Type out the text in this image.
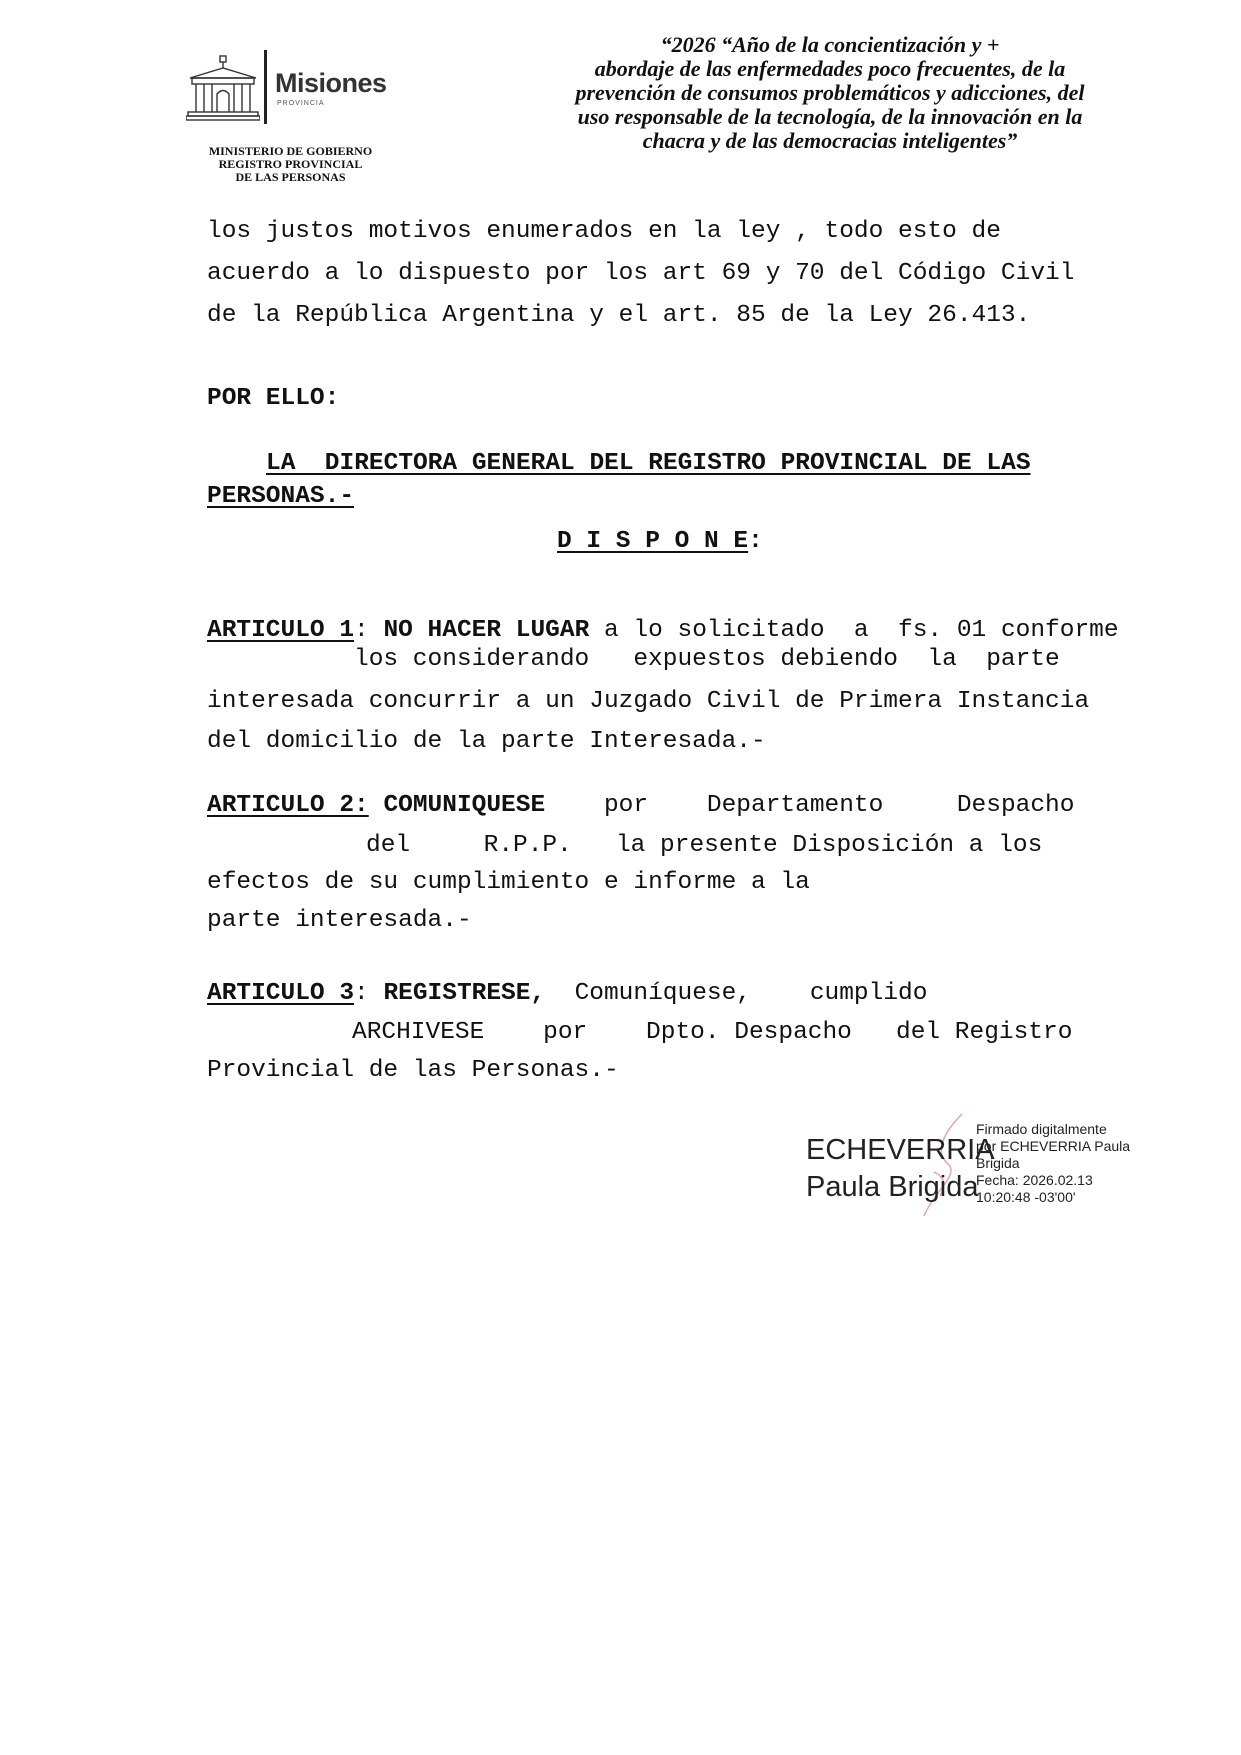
Misiones
PROVINCIA
MINISTERIO DE GOBIERNO
REGISTRO PROVINCIAL
DE LAS PERSONAS
“2026 “Año de la concientización y +
abordaje de las enfermedades poco frecuentes, de la
prevención de consumos problemáticos y adicciones, del
uso responsable de la tecnología, de la innovación en la
chacra y de las democracias inteligentes”
los justos motivos enumerados en la ley , todo esto de
acuerdo a lo dispuesto por los art 69 y 70 del Código Civil
de la República Argentina y el art. 85 de la Ley 26.413.
POR ELLO:
LA  DIRECTORA GENERAL DEL REGISTRO PROVINCIAL DE LAS
PERSONAS.-
D I S P O N E:
ARTICULO 1: NO HACER LUGAR a lo solicitado  a  fs. 01 conforme
los considerando   expuestos debiendo  la  parte
interesada concurrir a un Juzgado Civil de Primera Instancia
del domicilio de la parte Interesada.-
ARTICULO 2: COMUNIQUESE    por    Departamento     Despacho
del     R.P.P.   la presente Disposición a los
efectos de su cumplimiento e informe a la
parte interesada.-
ARTICULO 3: REGISTRESE,  Comuníquese,    cumplido
ARCHIVESE    por    Dpto. Despacho   del Registro
Provincial de las Personas.-
ECHEVERRIA
Paula Brigida
Firmado digitalmente
por ECHEVERRIA Paula
Brigida
Fecha: 2026.02.13
10:20:48 -03'00'
